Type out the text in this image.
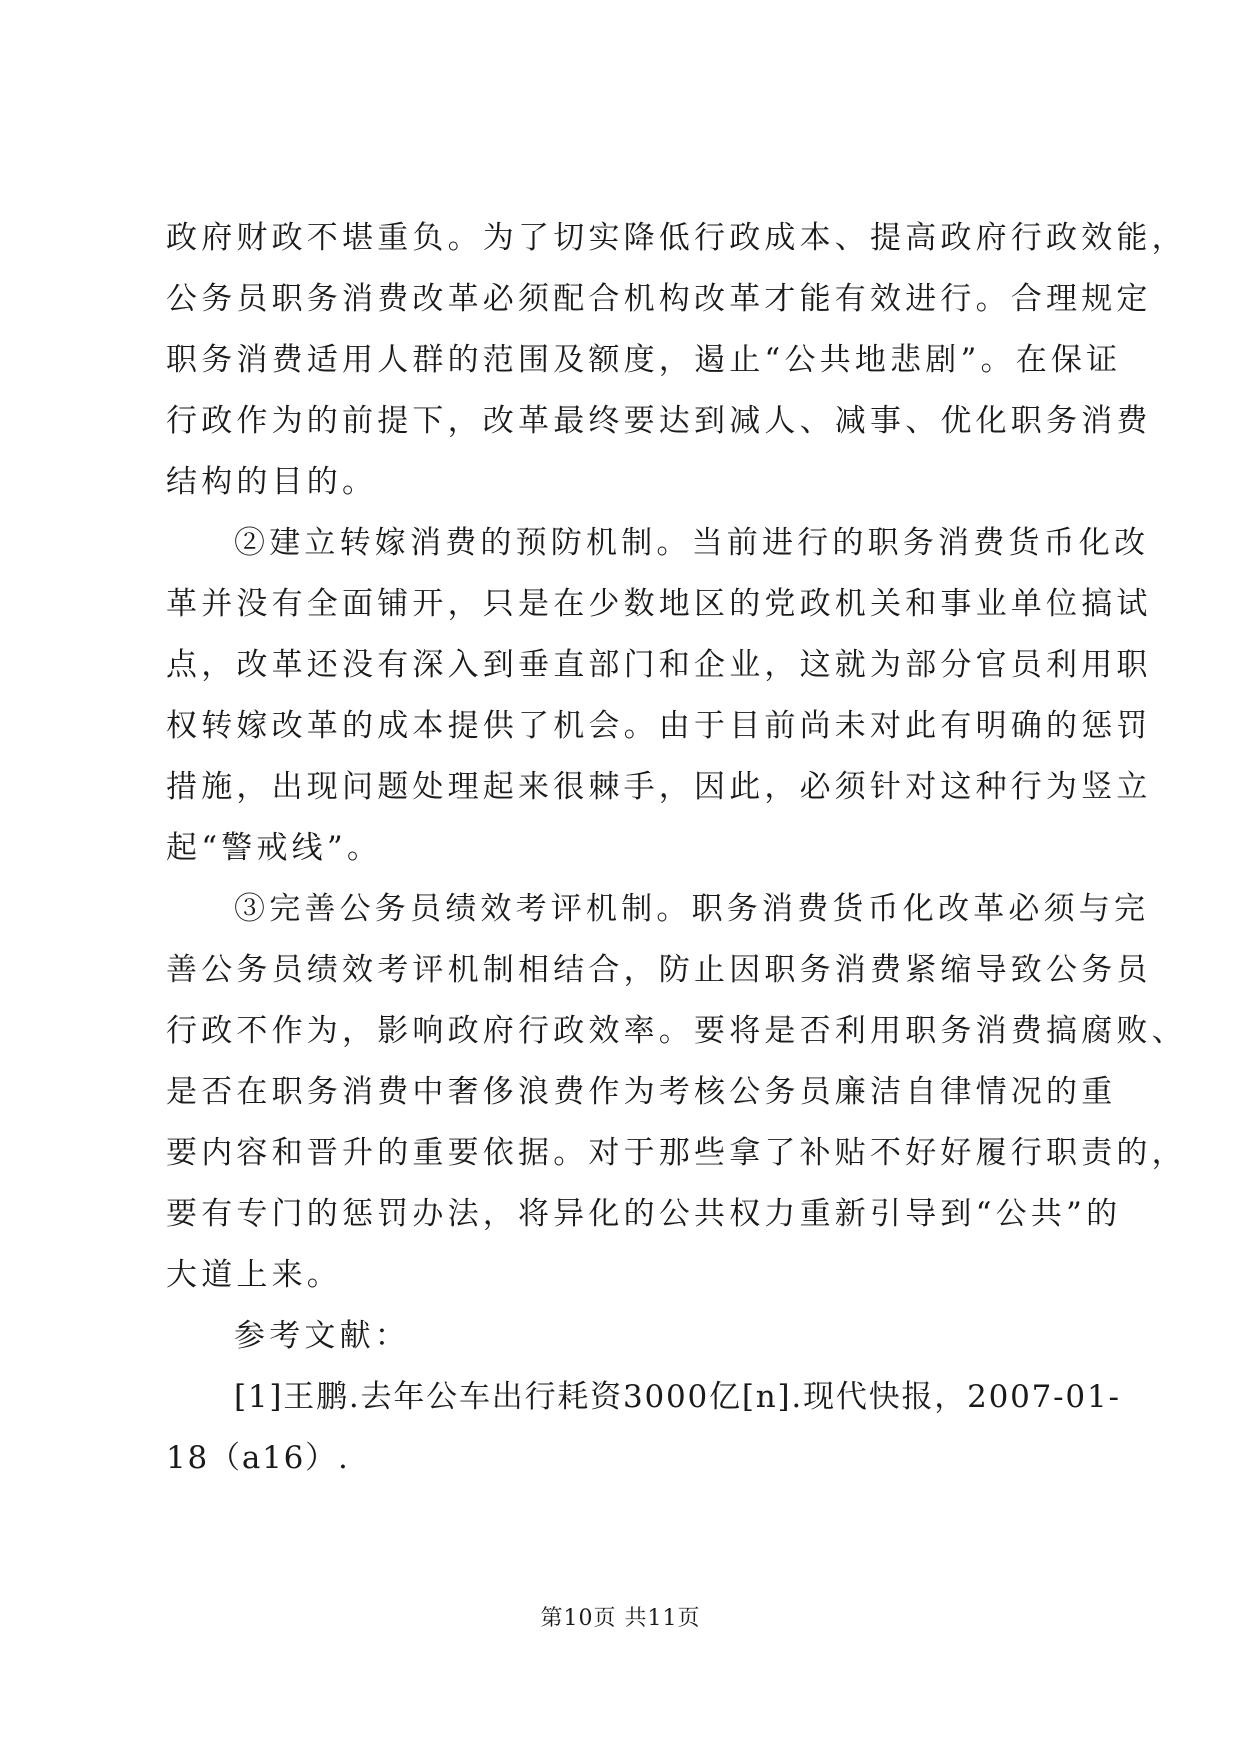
政府财政不堪重负。为了切实降低行政成本、提高政府行政效能，
公务员职务消费改革必须配合机构改革才能有效进行。合理规定
职务消费适用人群的范围及额度，遏止“公共地悲剧”。在保证
行政作为的前提下，改革最终要达到减人、减事、优化职务消费
结构的目的。
②建立转嫁消费的预防机制。当前进行的职务消费货币化改
革并没有全面铺开，只是在少数地区的党政机关和事业单位搞试
点，改革还没有深入到垂直部门和企业，这就为部分官员利用职
权转嫁改革的成本提供了机会。由于目前尚未对此有明确的惩罚
措施，出现问题处理起来很棘手，因此，必须针对这种行为竖立
起“警戒线”。
③完善公务员绩效考评机制。职务消费货币化改革必须与完
善公务员绩效考评机制相结合，防止因职务消费紧缩导致公务员
行政不作为，影响政府行政效率。要将是否利用职务消费搞腐败、
是否在职务消费中奢侈浪费作为考核公务员廉洁自律情况的重
要内容和晋升的重要依据。对于那些拿了补贴不好好履行职责的，
要有专门的惩罚办法，将异化的公共权力重新引导到“公共”的
大道上来。
参考文献：
[1]王鹏.去年公车出行耗资3000亿[n].现代快报，2007-01-
18（a16）.
第10页 共11页
